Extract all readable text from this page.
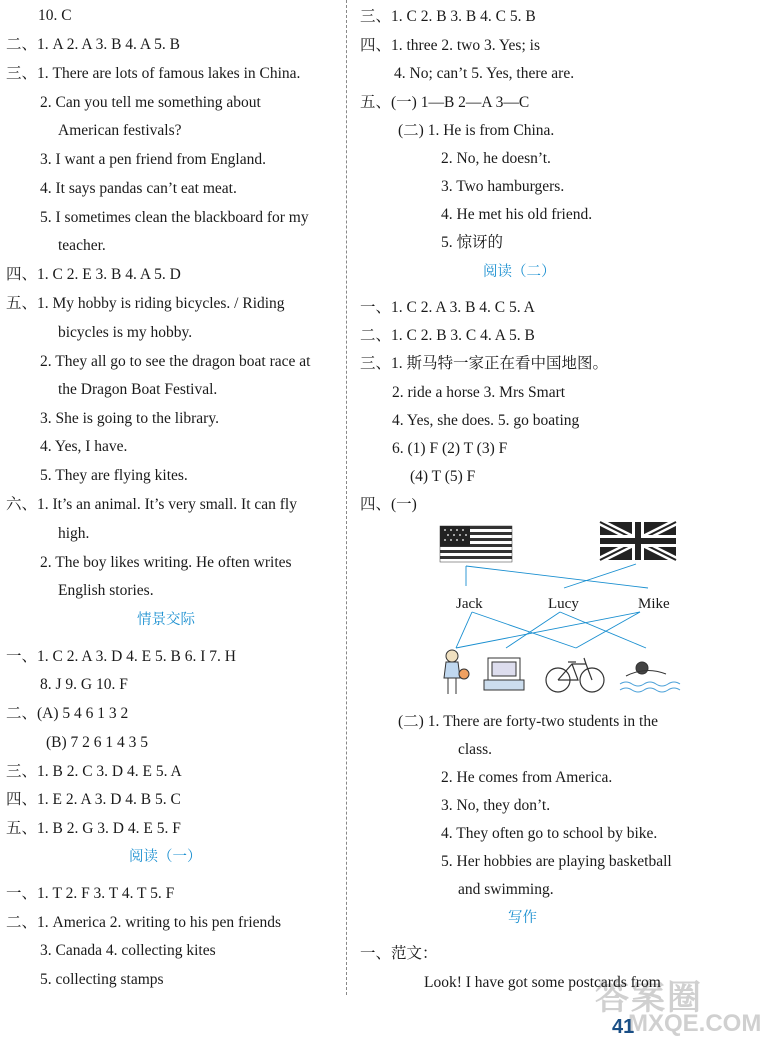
Jack	Lucy	Mike
答案圈
MXQE.COM
41
10. C
二、1. A 2. A 3. B 4. A 5. B
三、1. There are lots of famous lakes in China.
2. Can you tell me something about
American festivals?
3. I want a pen friend from England.
4. It says pandas can’t eat meat.
5. I sometimes clean the blackboard for my
teacher.
四、1. C 2. E 3. B 4. A 5. D
五、1. My hobby is riding bicycles. / Riding
bicycles is my hobby.
2. They all go to see the dragon boat race at
the Dragon Boat Festival.
3. She is going to the library.
4. Yes, I have.
5. They are flying kites.
六、1. It’s an animal. It’s very small. It can fly
high.
2. The boy likes writing. He often writes
English stories.
一、1. C 2. A 3. D 4. E 5. B 6. I 7. H
8. J 9. G 10. F
二、(A) 5 4 6 1 3 2
(B) 7 2 6 1 4 3 5
三、1. B 2. C 3. D 4. E 5. A
四、1. E 2. A 3. D 4. B 5. C
五、1. B 2. G 3. D 4. E 5. F
一、1. T 2. F 3. T 4. T 5. F
二、1. America 2. writing to his pen friends
3. Canada 4. collecting kites
5. collecting stamps
三、1. C 2. B 3. B 4. C 5. B
四、1. three 2. two 3. Yes; is
4. No; can’t 5. Yes, there are.
五、(一) 1—B 2—A 3—C
(二) 1. He is from China.
2. No, he doesn’t.
3. Two hamburgers.
4. He met his old friend.
5. 惊讶的
一、1. C 2. A 3. B 4. C 5. A
二、1. C 2. B 3. C 4. A 5. B
三、1. 斯马特一家正在看中国地图。
2. ride a horse 3. Mrs Smart
4. Yes, she does. 5. go boating
6. (1) F (2) T (3) F
(4) T (5) F
四、(一)
(二) 1. There are forty-two students in the
class.
2. He comes from America.
3. No, they don’t.
4. They often go to school by bike.
5. Her hobbies are playing basketball
and swimming.
一、范文：
Look! I have got some postcards from
情景交际
阅读（一）
阅读（二）
写作
